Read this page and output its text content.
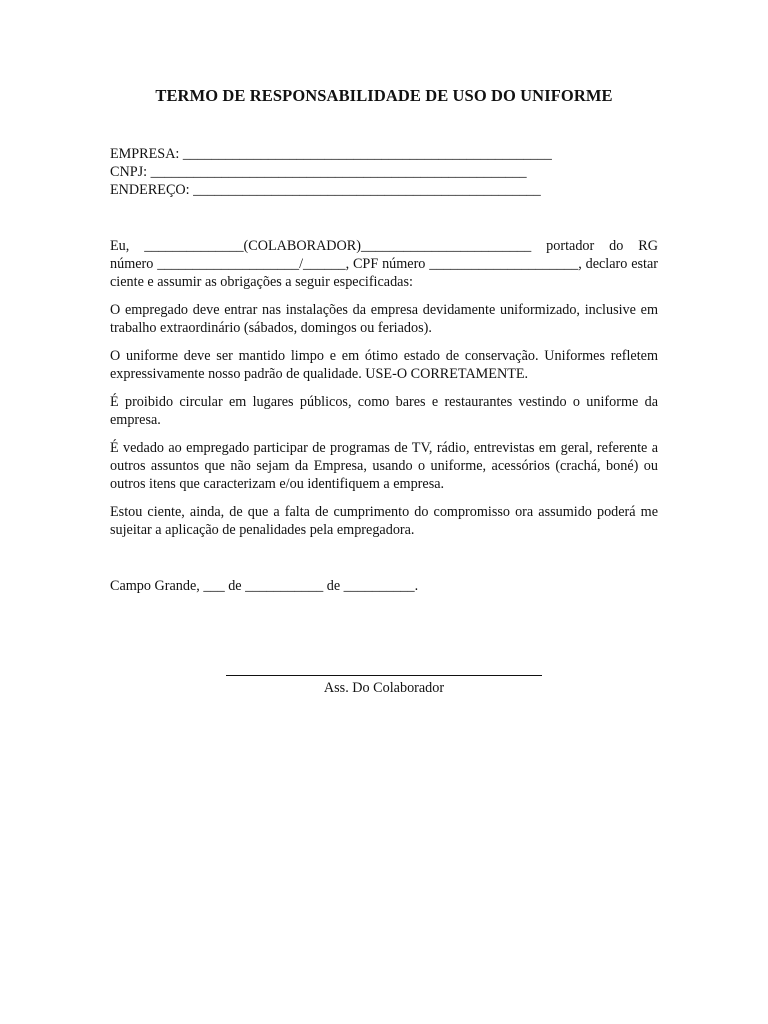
TERMO DE RESPONSABILIDADE DE USO DO UNIFORME
EMPRESA: ____________________________________________________
CNPJ: _____________________________________________________
ENDEREÇO: _________________________________________________

Eu, ______________(COLABORADOR)________________________ portador do RG número ____________________/______, CPF número _____________________, declaro estar ciente e assumir as obrigações a seguir especificadas:

O empregado deve entrar nas instalações da empresa devidamente uniformizado, inclusive em trabalho extraordinário (sábados, domingos ou feriados).

O uniforme deve ser mantido limpo e em ótimo estado de conservação. Uniformes refletem expressivamente nosso padrão de qualidade. USE-O CORRETAMENTE.

É proibido circular em lugares públicos, como bares e restaurantes vestindo o uniforme da empresa.

É vedado ao empregado participar de programas de TV, rádio, entrevistas em geral, referente a outros assuntos que não sejam da Empresa, usando o uniforme, acessórios (crachá, boné) ou outros itens que caracterizam e/ou identifiquem a empresa.

Estou ciente, ainda, de que a falta de cumprimento do compromisso ora assumido poderá me sujeitar a aplicação de penalidades pela empregadora.

Campo Grande, ___ de ___________ de __________.
Ass. Do Colaborador
